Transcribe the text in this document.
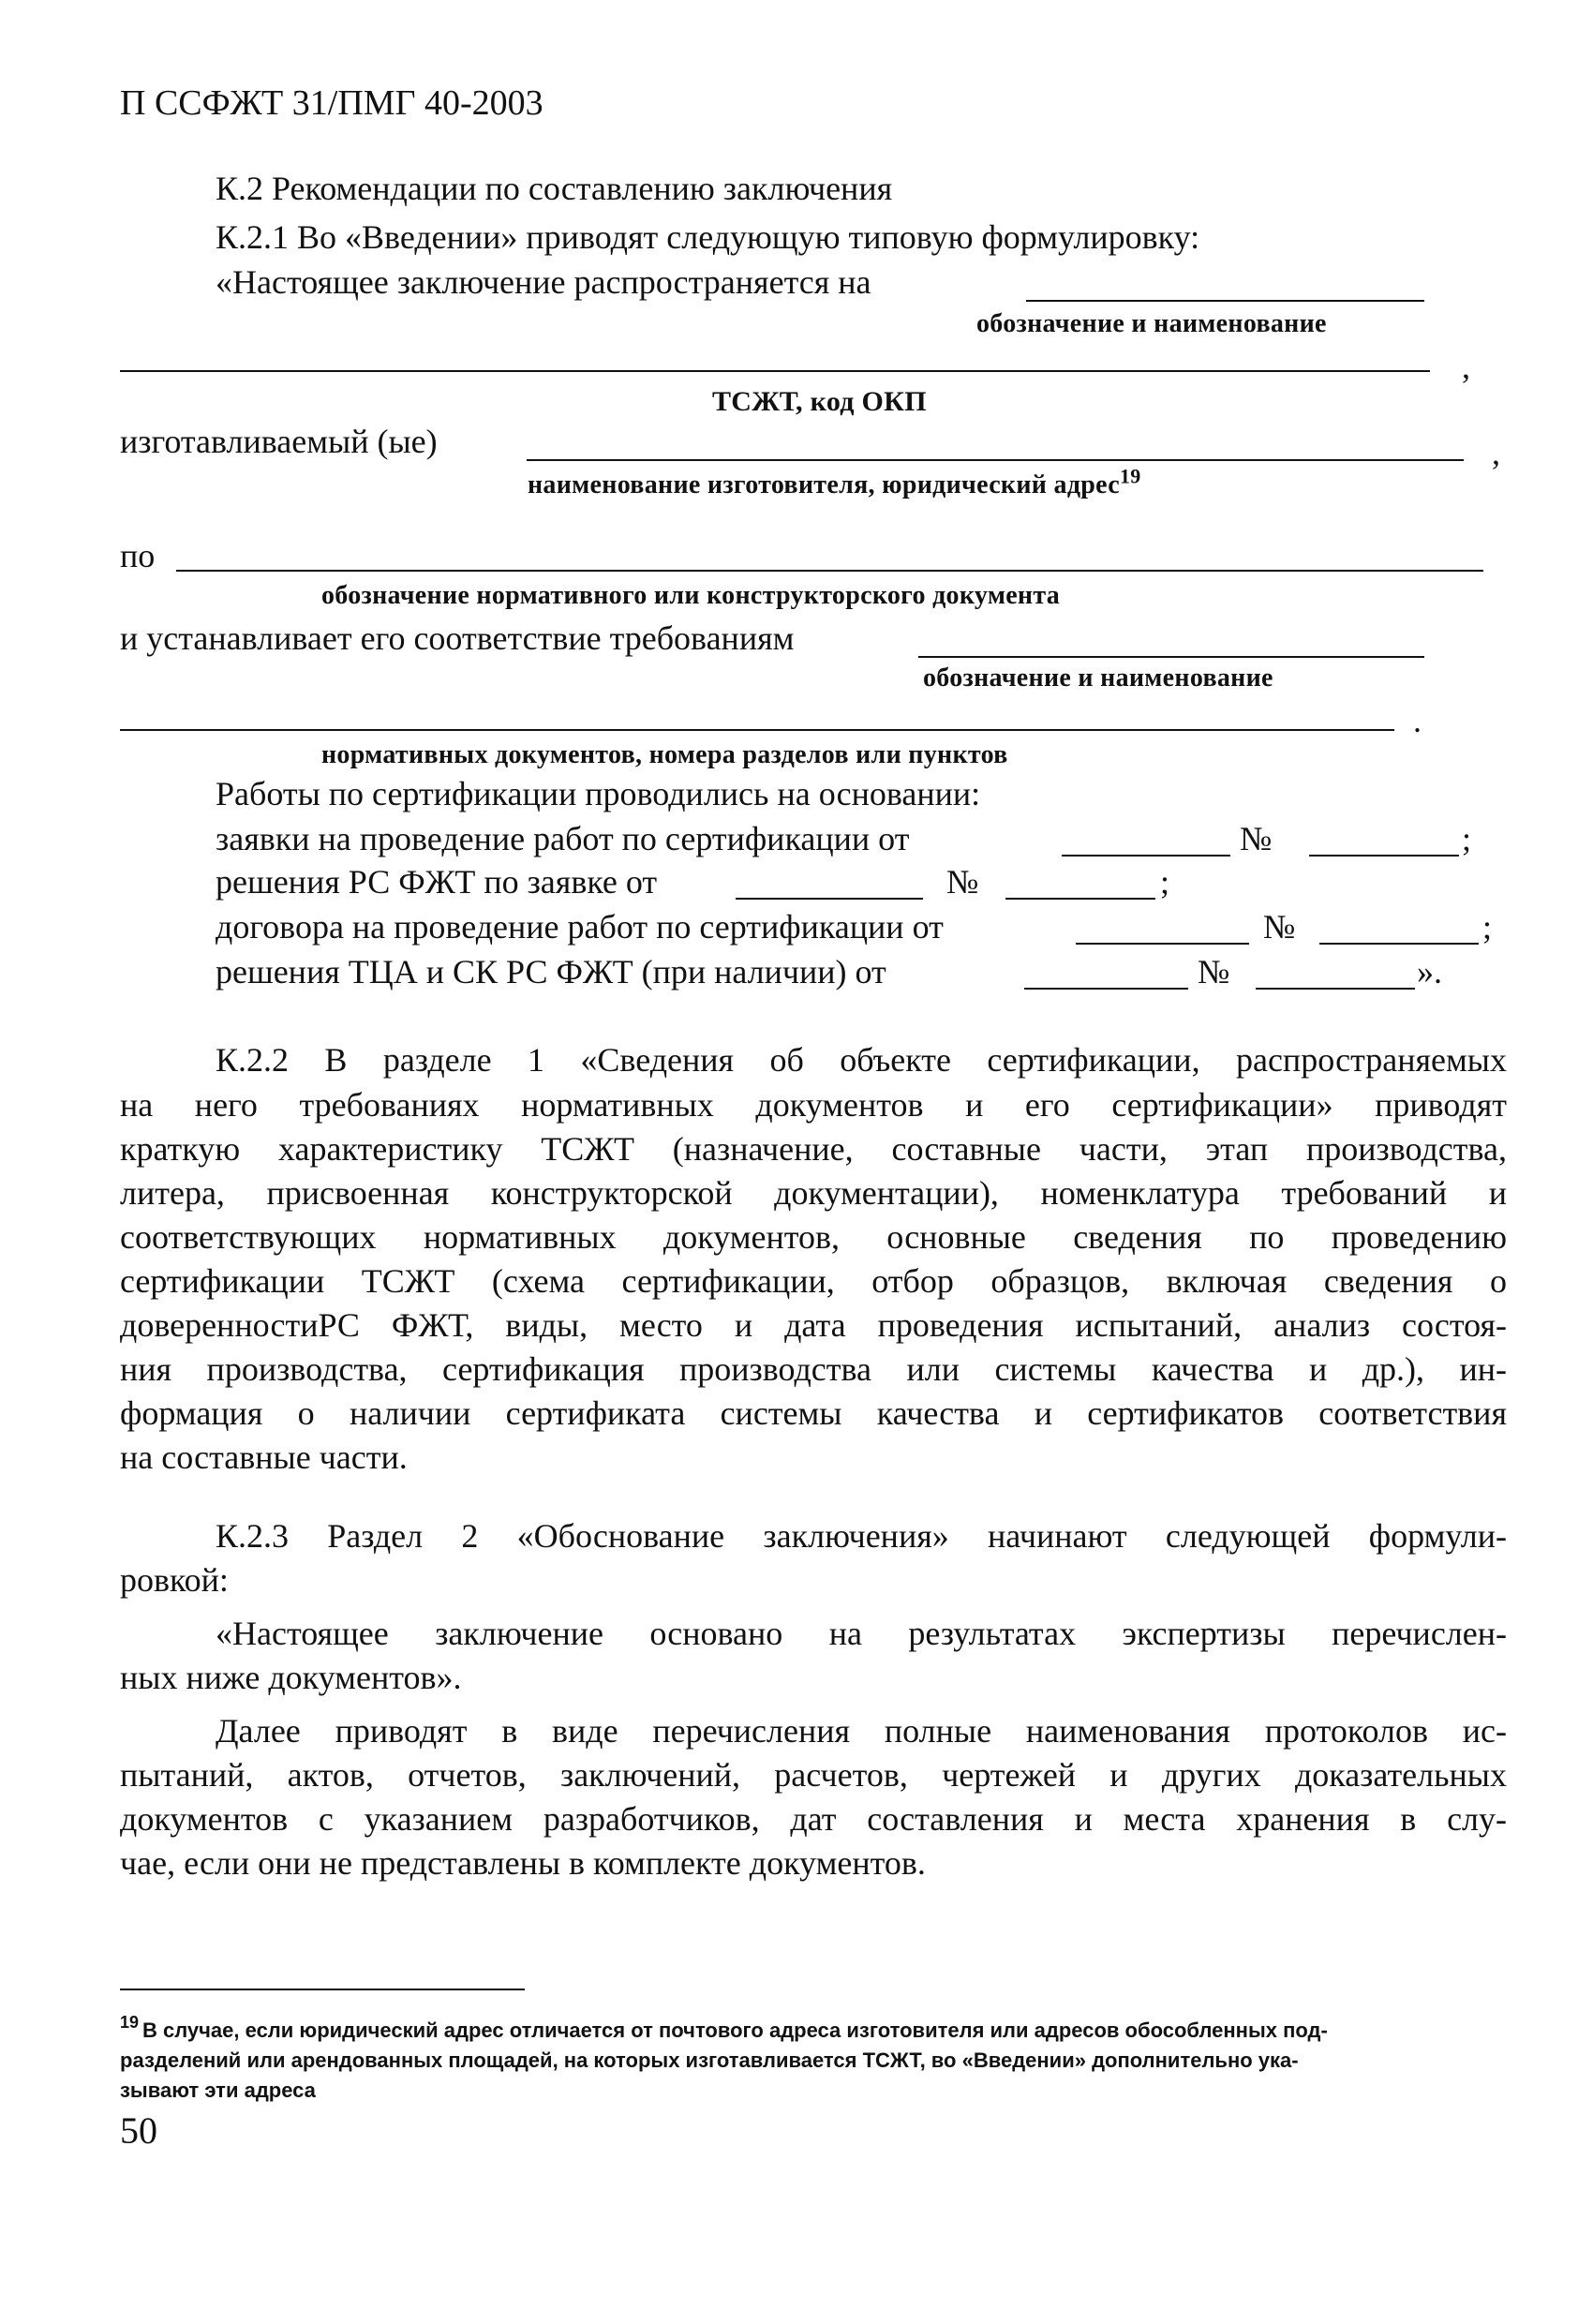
П ССФЖТ 31/ПМГ 40-2003
К.2 Рекомендации по составлению заключения
К.2.1 Во «Введении» приводят следующую типовую формулировку:
«Настоящее заключение распространяется на
обозначение и наименование
,
ТСЖТ, код ОКП
изготавливаемый (ые)	,
наименование изготовителя, юридический адрес$^{19}$
по
обозначение нормативного или конструкторского документа
и устанавливает его соответствие требованиям
обозначение и наименование
.
нормативных документов, номера разделов или пунктов
Работы по сертификации проводились на основании:
заявки на проведение работ по сертификации от	№	;
решения РС ФЖТ по заявке от	№	;
договора на проведение работ по сертификации от	№	;
решения ТЦА и СК РС ФЖТ (при наличии) от	№	».
К.2.2 В разделе 1 «Сведения об объекте сертификации, распространяемых
на него требованиях нормативных документов и его сертификации» приводят
краткую характеристику ТСЖТ (назначение, составные части, этап производства,
литера, присвоенная конструкторской документации), номенклатура требований и
соответствующих нормативных документов, основные сведения по проведению
сертификации ТСЖТ (схема сертификации, отбор образцов, включая сведения о
доверенностиРС ФЖТ, виды, место и дата проведения испытаний, анализ состоя-
ния производства, сертификация производства или системы качества и др.), ин-
формация о наличии сертификата системы качества и сертификатов соответствия
на составные части.
К.2.3 Раздел 2 «Обоснование заключения» начинают следующей формули-
ровкой:
«Настоящее заключение основано на результатах экспертизы перечислен-
ных ниже документов».
Далее приводят в виде перечисления полные наименования протоколов ис-
пытаний, актов, отчетов, заключений, расчетов, чертежей и других доказательных
документов с указанием разработчиков, дат составления и места хранения в слу-
чае, если они не представлены в комплекте документов.
19 В случае, если юридический адрес отличается от почтового адреса изготовителя или адресов обособленных под-
разделений или арендованных площадей, на которых изготавливается ТСЖТ, во «Введении» дополнительно ука-
зывают эти адреса
50
